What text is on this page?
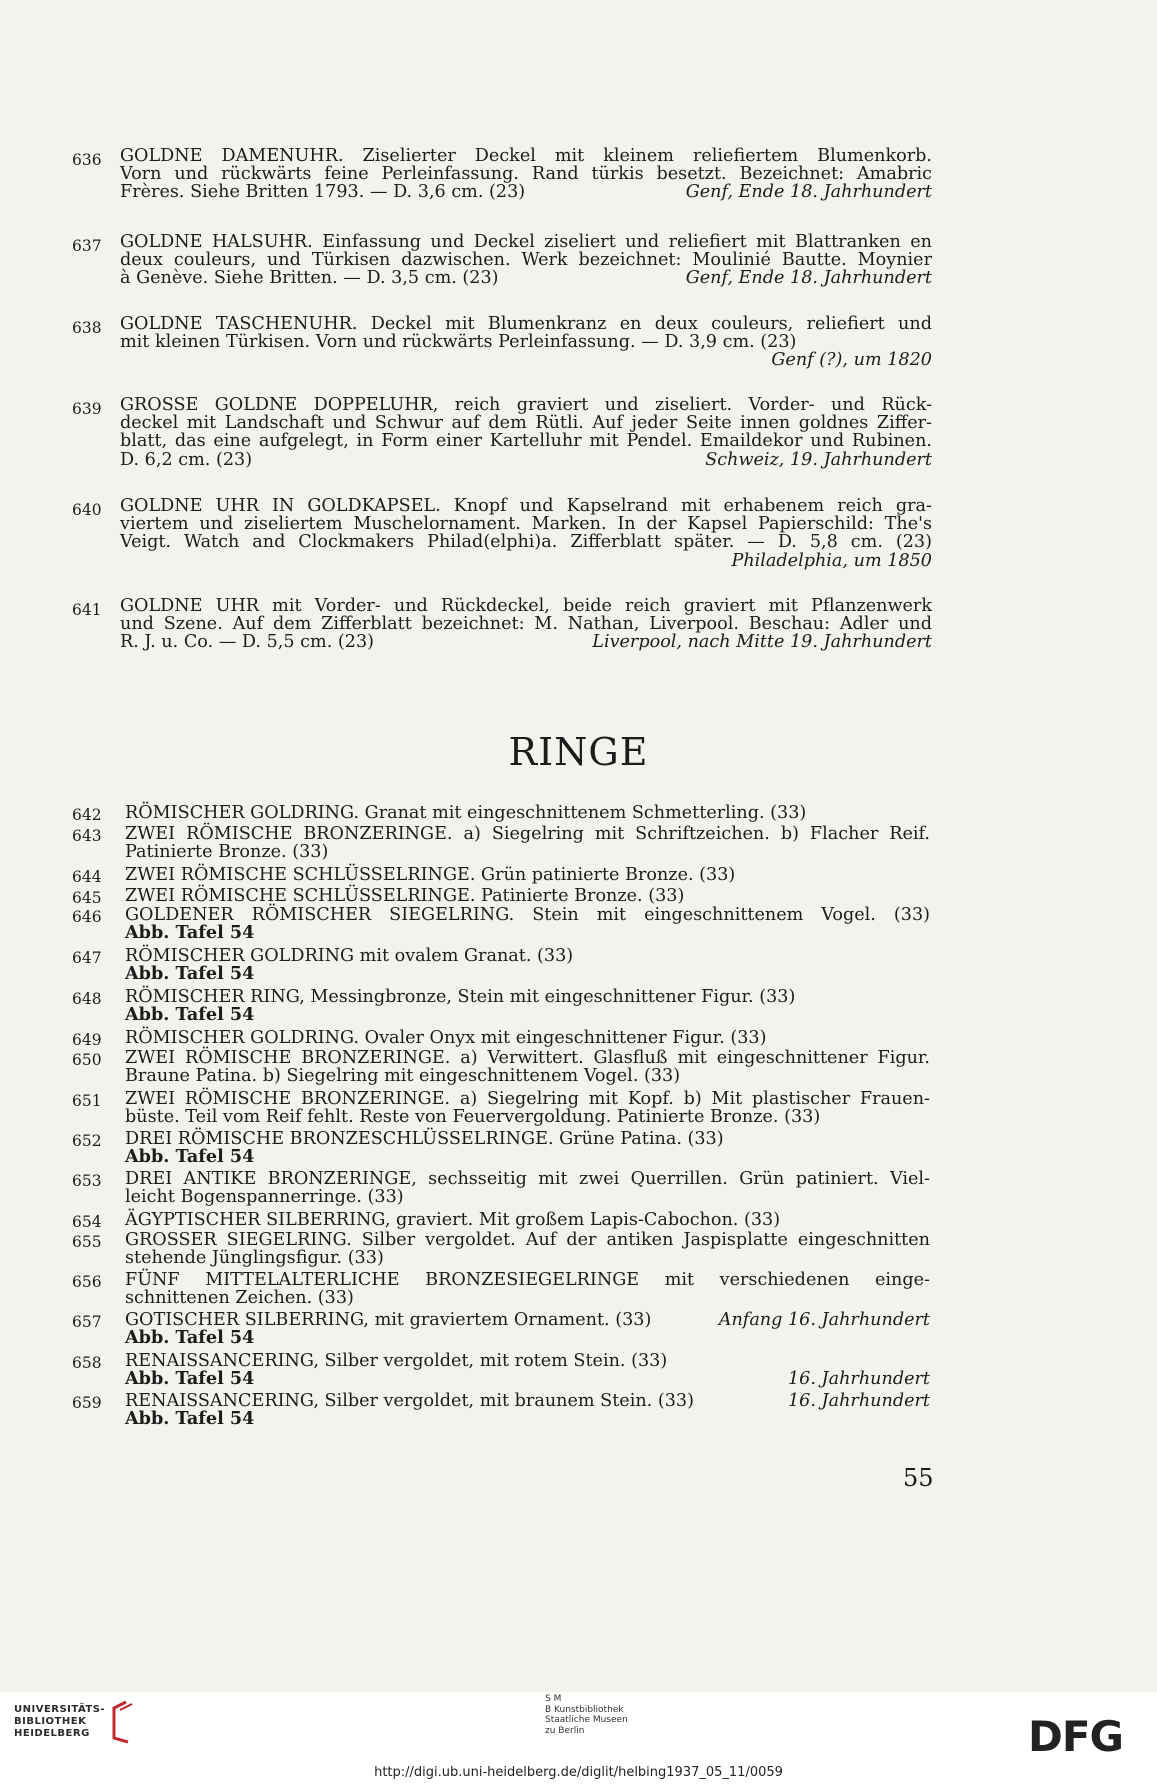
636	GOLDNE DAMENUHR. Ziselierter Deckel mit kleinem reliefiertem Blumenkorb.
Vorn und rückwärts feine Perleinfassung. Rand türkis besetzt. Bezeichnet: Amabric
Frères. Siehe Britten 1793. — D. 3,6 cm. (23)	Genf, Ende 18. Jahrhundert
637	GOLDNE HALSUHR. Einfassung und Deckel ziseliert und reliefiert mit Blattranken en
deux couleurs, und Türkisen dazwischen. Werk bezeichnet: Moulinié Bautte. Moynier
à Genève. Siehe Britten. — D. 3,5 cm. (23)	Genf, Ende 18. Jahrhundert
638	GOLDNE TASCHENUHR. Deckel mit Blumenkranz en deux couleurs, reliefiert und
mit kleinen Türkisen. Vorn und rückwärts Perleinfassung. — D. 3,9 cm. (23)
Genf (?), um 1820
639	GROSSE GOLDNE DOPPELUHR, reich graviert und ziseliert. Vorder- und Rück-
deckel mit Landschaft und Schwur auf dem Rütli. Auf jeder Seite innen goldnes Ziffer-
blatt, das eine aufgelegt, in Form einer Kartelluhr mit Pendel. Emaildekor und Rubinen.
D. 6,2 cm. (23)	Schweiz, 19. Jahrhundert
640	GOLDNE UHR IN GOLDKAPSEL. Knopf und Kapselrand mit erhabenem reich gra-
viertem und ziseliertem Muschelornament. Marken. In der Kapsel Papierschild: The's
Veigt. Watch and Clockmakers Philad(elphi)a. Zifferblatt später. — D. 5,8 cm. (23)
Philadelphia, um 1850
641	GOLDNE UHR mit Vorder- und Rückdeckel, beide reich graviert mit Pflanzenwerk
und Szene. Auf dem Zifferblatt bezeichnet: M. Nathan, Liverpool. Beschau: Adler und
R. J. u. Co. — D. 5,5 cm. (23)	Liverpool, nach Mitte 19. Jahrhundert
RINGE
642	RÖMISCHER GOLDRING. Granat mit eingeschnittenem Schmetterling. (33)
643	ZWEI RÖMISCHE BRONZERINGE. a) Siegelring mit Schriftzeichen. b) Flacher Reif.
Patinierte Bronze. (33)
644	ZWEI RÖMISCHE SCHLÜSSELRINGE. Grün patinierte Bronze. (33)
645	ZWEI RÖMISCHE SCHLÜSSELRINGE. Patinierte Bronze. (33)
646	GOLDENER RÖMISCHER SIEGELRING. Stein mit eingeschnittenem Vogel. (33)
Abb. Tafel 54
647	RÖMISCHER GOLDRING mit ovalem Granat. (33)
Abb. Tafel 54
648	RÖMISCHER RING, Messingbronze, Stein mit eingeschnittener Figur. (33)
Abb. Tafel 54
649	RÖMISCHER GOLDRING. Ovaler Onyx mit eingeschnittener Figur. (33)
650	ZWEI RÖMISCHE BRONZERINGE. a) Verwittert. Glasfluß mit eingeschnittener Figur.
Braune Patina. b) Siegelring mit eingeschnittenem Vogel. (33)
651	ZWEI RÖMISCHE BRONZERINGE. a) Siegelring mit Kopf. b) Mit plastischer Frauen-
büste. Teil vom Reif fehlt. Reste von Feuervergoldung. Patinierte Bronze. (33)
652	DREI RÖMISCHE BRONZESCHLÜSSELRINGE. Grüne Patina. (33)
Abb. Tafel 54
653	DREI ANTIKE BRONZERINGE, sechsseitig mit zwei Querrillen. Grün patiniert. Viel-
leicht Bogenspannerringe. (33)
654	ÄGYPTISCHER SILBERRING, graviert. Mit großem Lapis-Cabochon. (33)
655	GROSSER SIEGELRING. Silber vergoldet. Auf der antiken Jaspisplatte eingeschnitten
stehende Jünglingsfigur. (33)
656	FÜNF MITTELALTERLICHE BRONZESIEGELRINGE mit verschiedenen einge-
schnittenen Zeichen. (33)
657	GOTISCHER SILBERRING, mit graviertem Ornament. (33)	Anfang 16. Jahrhundert
Abb. Tafel 54
658	RENAISSANCERING, Silber vergoldet, mit rotem Stein. (33)
Abb. Tafel 54	16. Jahrhundert
659	RENAISSANCERING, Silber vergoldet, mit braunem Stein. (33)	16. Jahrhundert
Abb. Tafel 54
55
UNIVERSITÄTS-
BIBLIOTHEK
HEIDELBERG
S M
B Kunstbibliothek
Staatliche Museen
zu Berlin	DFG
http://digi.ub.uni-heidelberg.de/diglit/helbing1937_05_11/0059
